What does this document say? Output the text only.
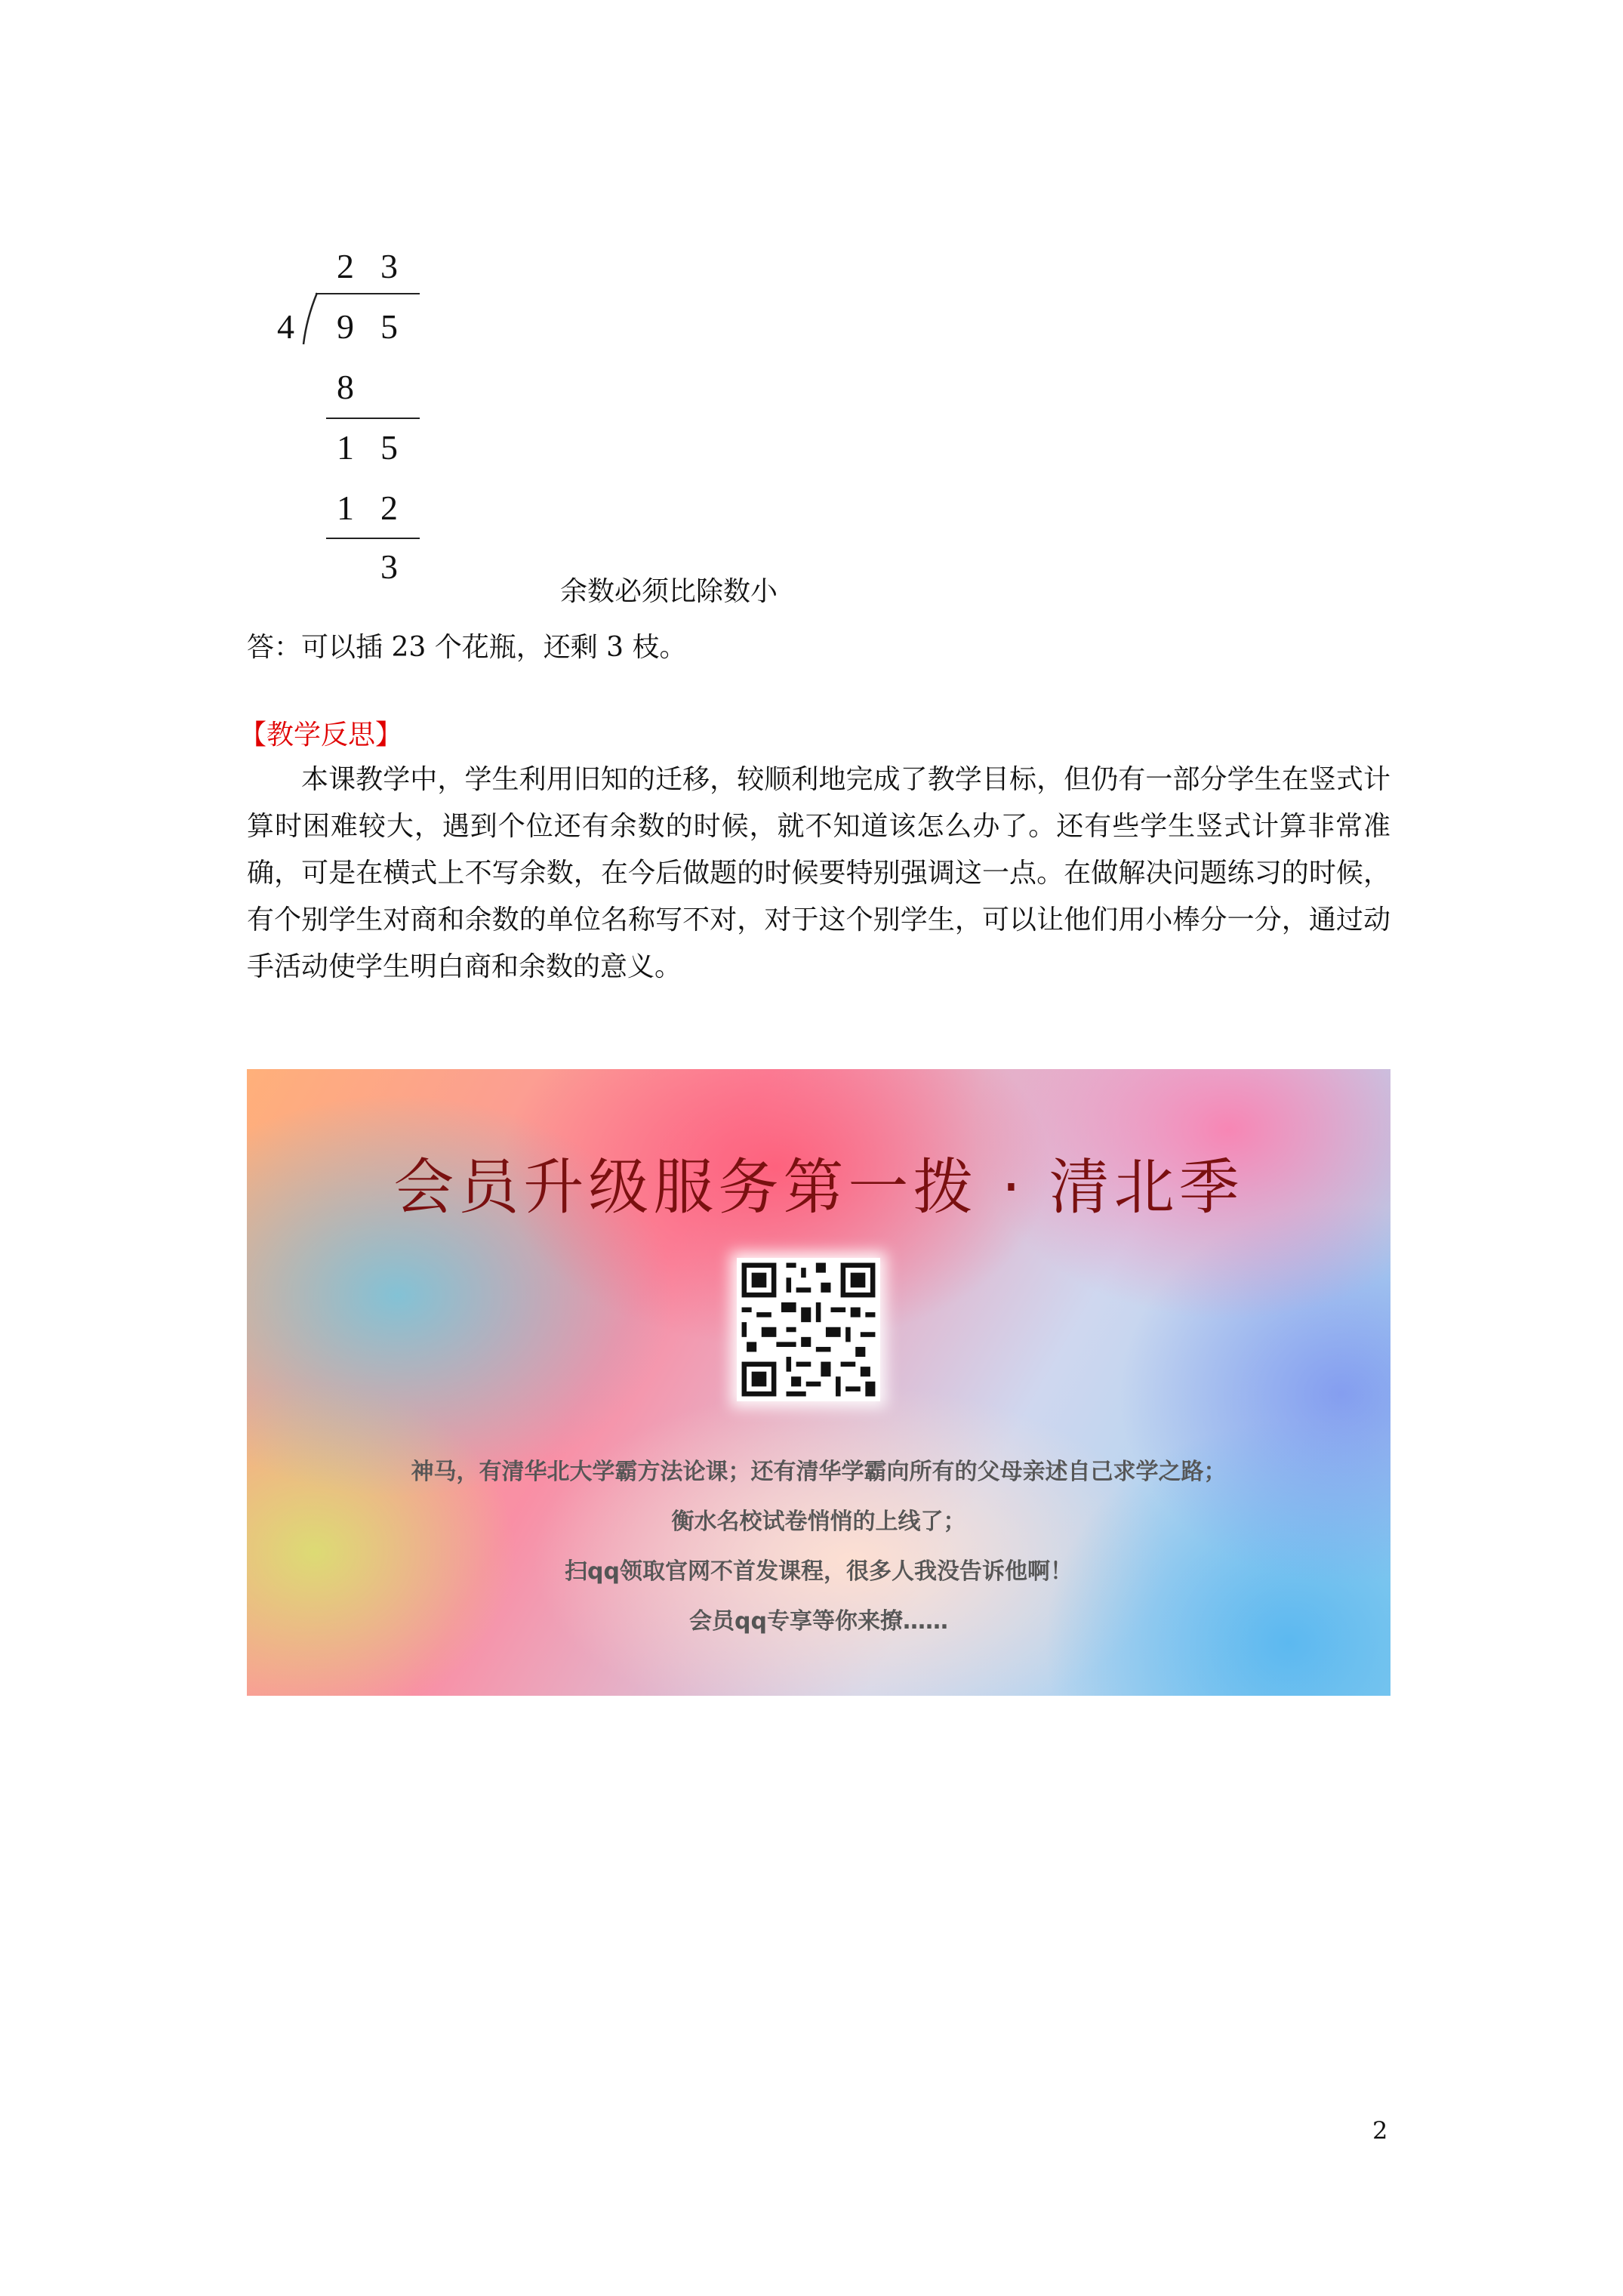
2 3
4 9 5
8
1 5
1 2
3
余数必须比除数小
答：可以插 23 个花瓶，还剩 3 枝。
【教学反思】
本课教学中，学生利用旧知的迁移，较顺利地完成了教学目标，但仍有一部分学生在竖式计算时困难较大，遇到个位还有余数的时候，就不知道该怎么办了。还有些学生竖式计算非常准确，可是在横式上不写余数，在今后做题的时候要特别强调这一点。在做解决问题练习的时候，有个别学生对商和余数的单位名称写不对，对于这个别学生，可以让他们用小棒分一分，通过动手活动使学生明白商和余数的意义。
会员升级服务第一拨 · 清北季
神马，有清华北大学霸方法论课；还有清华学霸向所有的父母亲述自己求学之路；
衡水名校试卷悄悄的上线了；
扫qq领取官网不首发课程，很多人我没告诉他啊！
会员qq专享等你来撩……
2
